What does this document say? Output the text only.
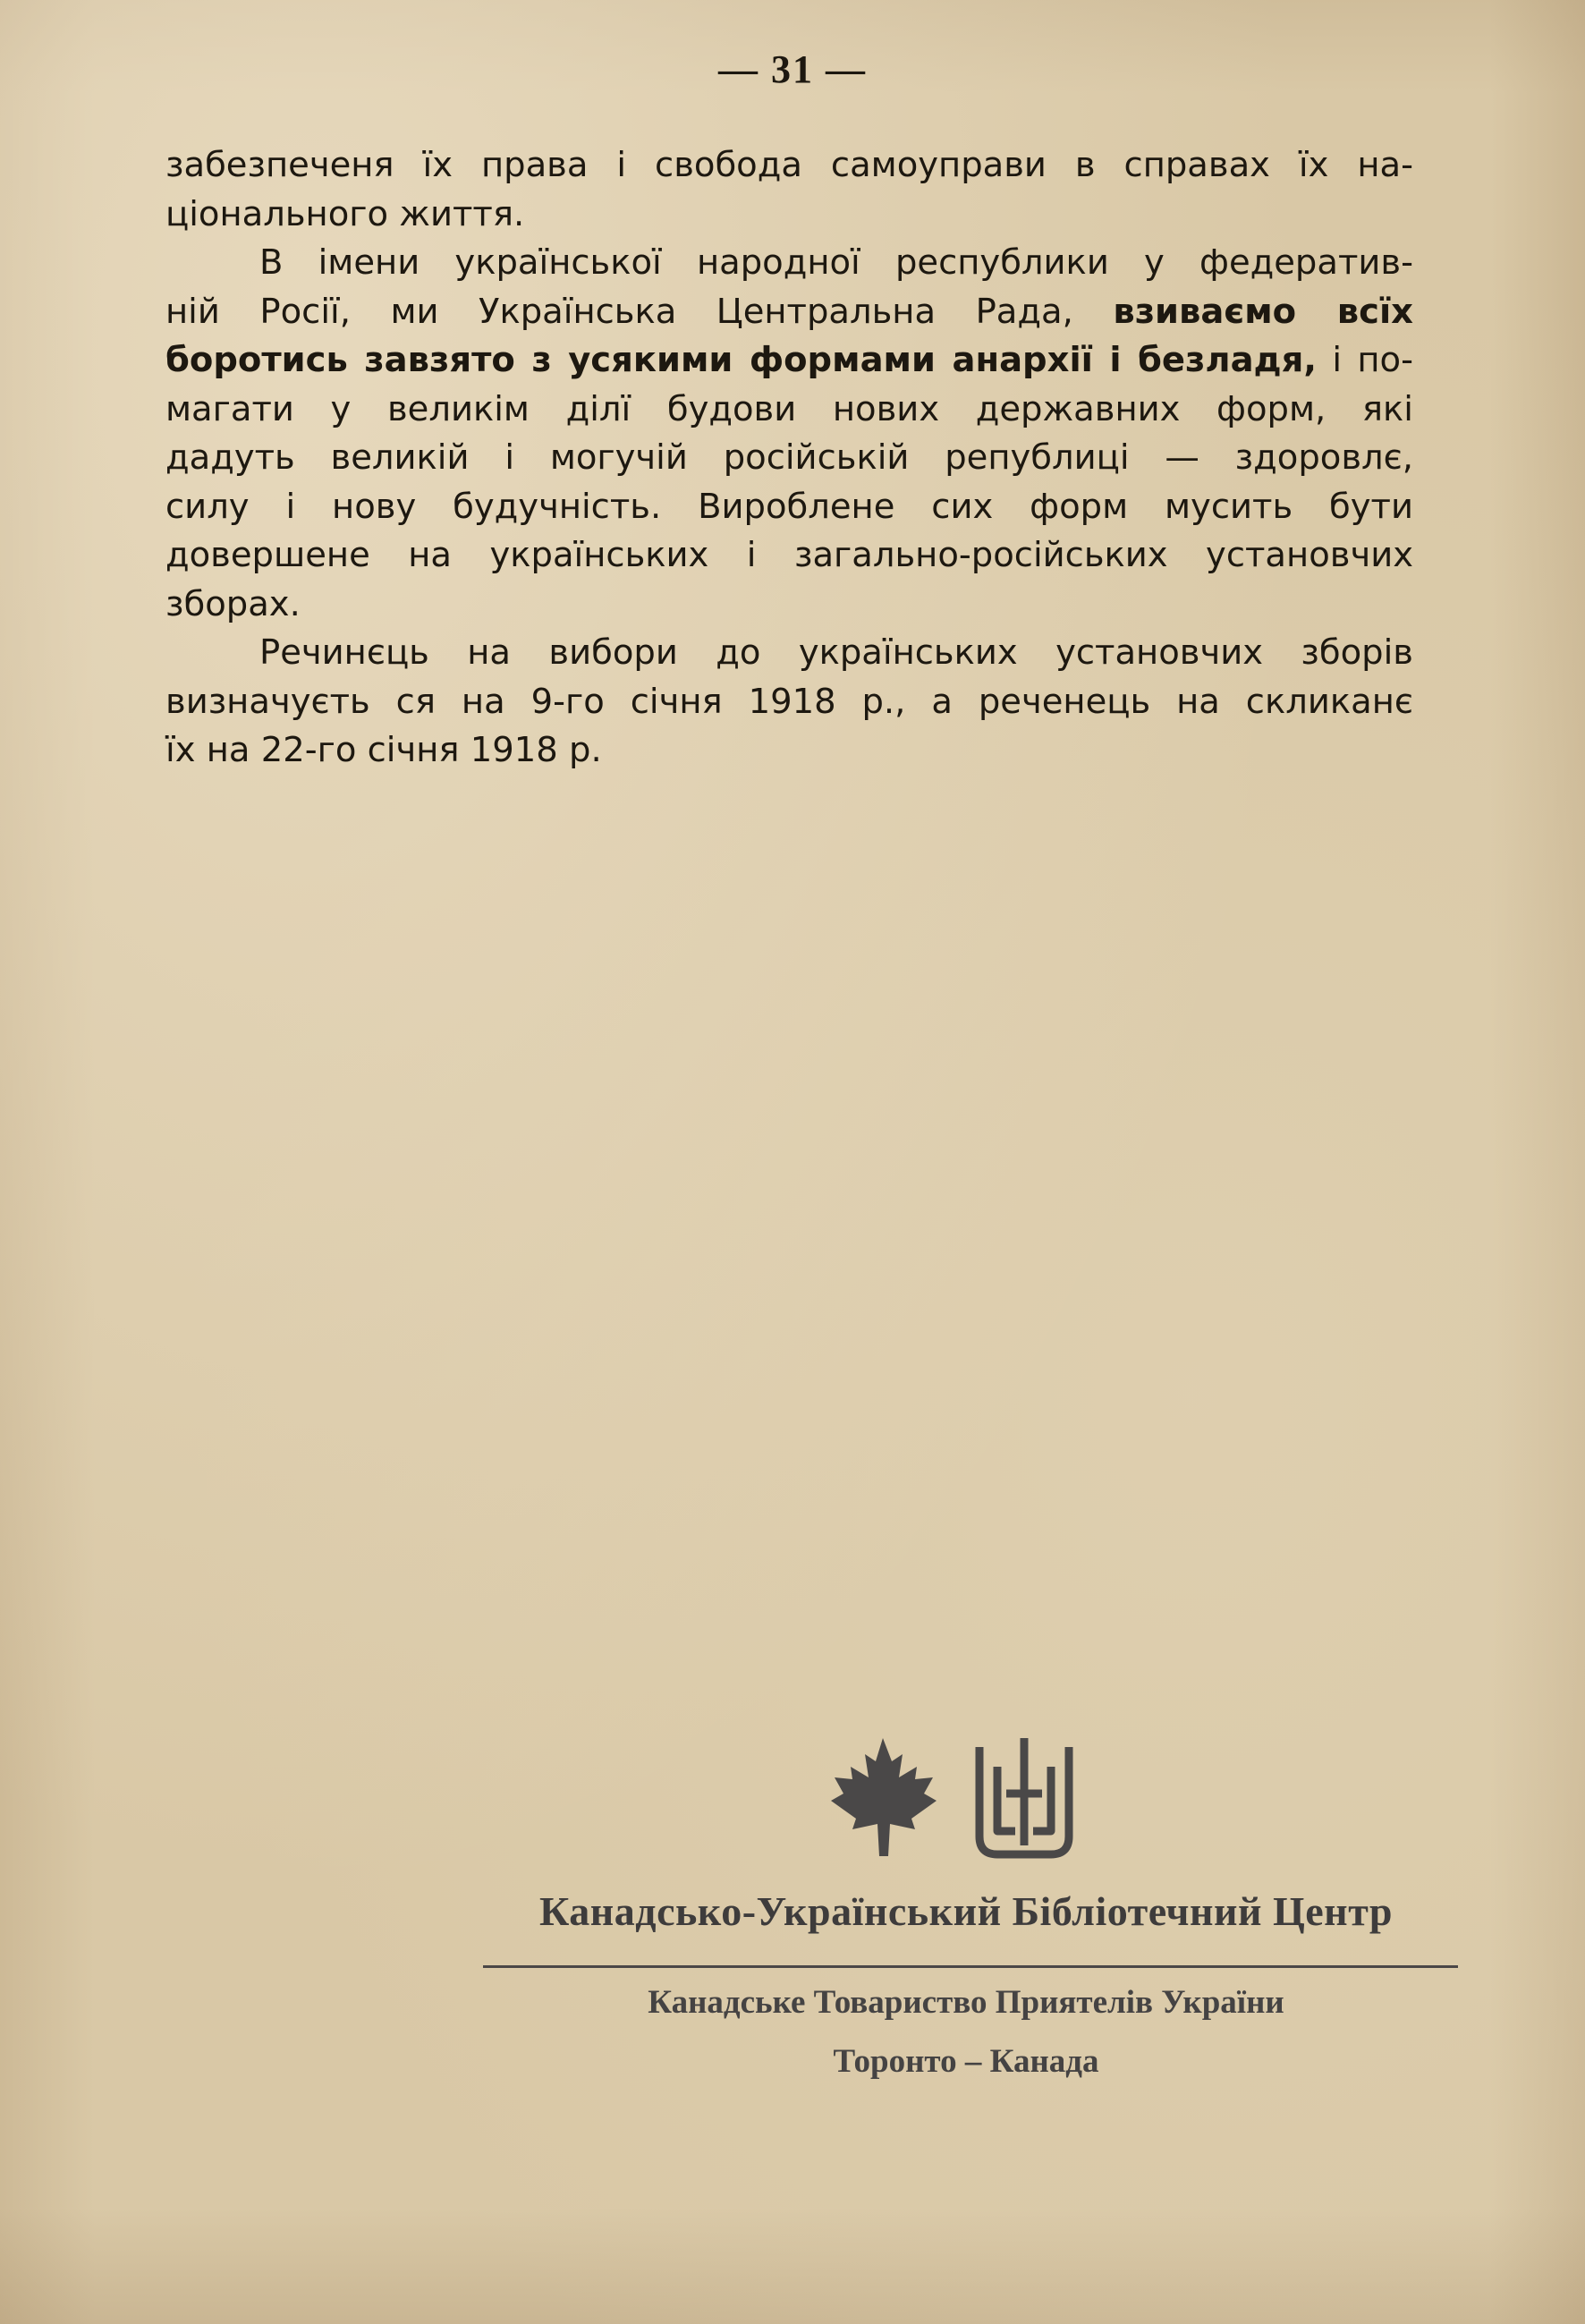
— 31 —
забезпеченя їх права і свобода самоуправи в справах їх на-
ціонального життя.
В імени української народної республики у федератив-
ній Росії, ми Українська Центральна Рада, взиваємо всїх
боротись завзято з усякими формами анархії і безладя, і по-
магати у великім ділї будови нових державних форм, які
дадуть великій і могучій російській републиці — здоровлє,
силу і нову будучність. Вироблене сих форм мусить бути
довершене на українських і загально-російських установчих
зборах.
Речинєць на вибори до українських установчих зборів
визначуєть ся на 9-го січня 1918 р., а реченець на скликанє
їх на 22-го січня 1918 р.
Канадсько-Український Бібліотечний Центр
Канадське Товариство Приятелів України
Торонто – Канада
